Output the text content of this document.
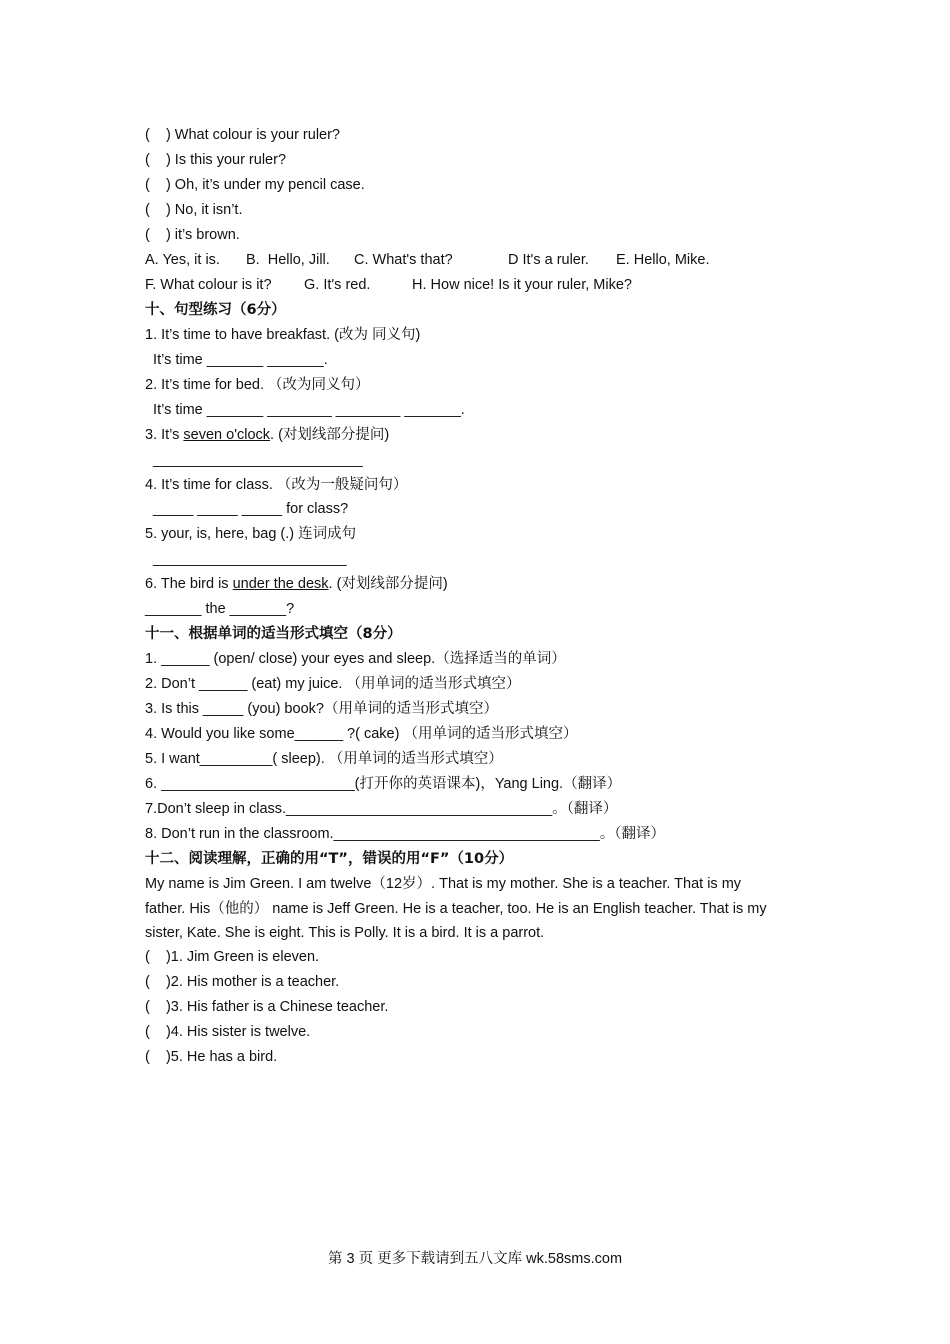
(    ) What colour is your ruler?
(    ) Is this your ruler?
(    ) Oh, it’s under my pencil case.
(    ) No, it isn’t.
(    ) it’s brown.

A. Yes, it is.

B.  Hello, Jill.

C. What's that?

	D It's a ruler.

E. Hello, Mike.

F. What colour is it?

G. It's red.

	H. How nice! Is it your ruler, Mike?

十、句型练习（6分）
1. It’s time to have breakfast. (改为 同义句)
It’s time _______ _______.
2. It’s time for bed. （改为同义句）
It’s time _______ ________ ________ _______.
3. It’s seven o'clock. (对划线部分提问)
__________________________
4. It’s time for class. （改为一般疑问句）
_____ _____ _____ for class?
5. your, is, here, bag (.) 连词成句
________________________
6. The bird is under the desk. (对划线部分提问)
_______ the _______?
十一、根据单词的适当形式填空（8分）
1. ______ (open/ close) your eyes and sleep.（选择适当的单词）
2. Don’t ______ (eat) my juice. （用单词的适当形式填空）
3. Is this _____ (you) book?（用单词的适当形式填空）
4. Would you like some______ ?( cake) （用单词的适当形式填空）
5. I want_________( sleep). （用单词的适当形式填空）
6. ________________________(打开你的英语课本)，Yang Ling.（翻译）
7.Don’t sleep in class._________________________________。（翻译）
8. Don’t run in the classroom._________________________________。（翻译）
十二、阅读理解，正确的用“T”，错误的用“F”（10分）
My name is Jim Green. I am twelve（12岁）. That is my mother. She is a teacher. That is my
father. His（他的） name is Jeff Green. He is a teacher, too. He is an English teacher. That is my
sister, Kate. She is eight. This is Polly. It is a bird. It is a parrot.
(    )1. Jim Green is eleven.
(    )2. His mother is a teacher.
(    )3. His father is a Chinese teacher.
(    )4. His sister is twelve.
(    )5. He has a bird.
第 3 页 更多下载请到五八文库 wk.58sms.com
